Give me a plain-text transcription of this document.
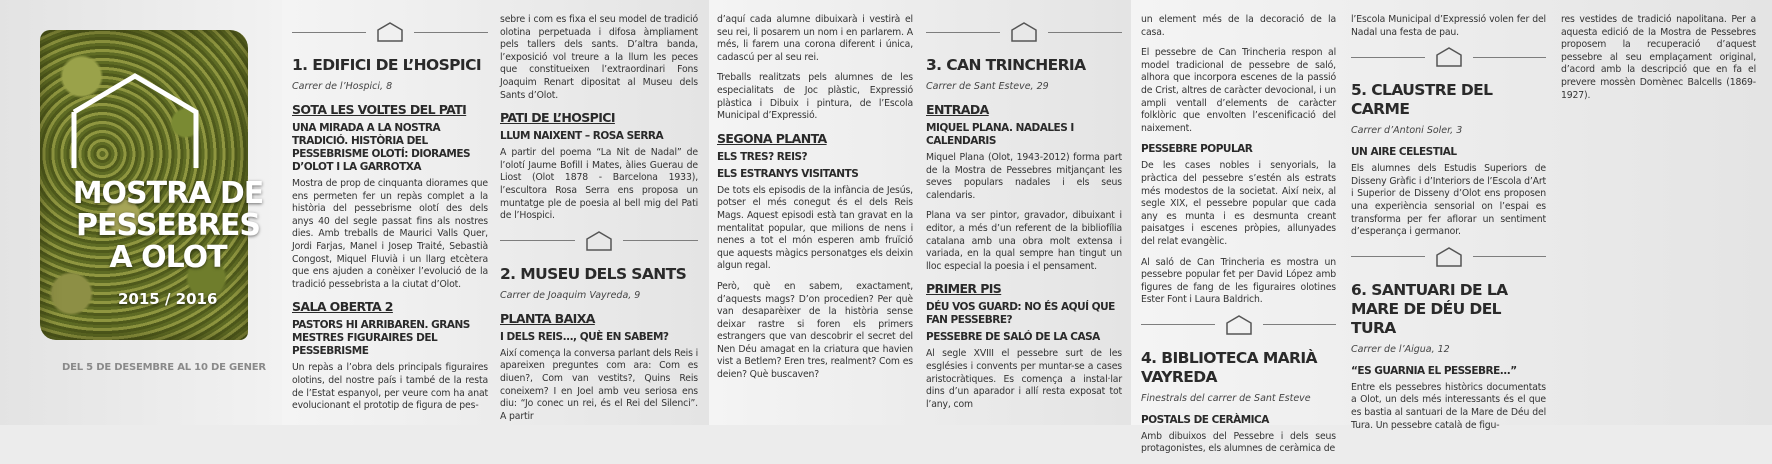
MOSTRA DE
PESSEBRES
A OLOT
2015 / 2016
DEL 5 DE DESEMBRE AL 10 DE GENER
1. EDIFICI DE L’HOSPICI

Carrer de l’Hospici, 8

SOTA LES VOLTES DEL PATI
UNA MIRADA A LA NOSTRA TRADICIÓ. HISTÒRIA DEL PESSEBRISME OLOTÍ: DIORAMES D’OLOT I LA GARROTXA

Mostra de prop de cinquanta diorames que ens permeten fer un repàs complet a la història del pessebrisme olotí des dels anys 40 del segle passat fins als nostres dies. Amb treballs de Maurici Valls Quer, Jordi Farjas, Manel i Josep Traité, Sebastià Congost, Miquel Fluvià i un llarg etcètera que ens ajuden a conèixer l’evolució de la tradició pessebrista a la ciutat d’Olot.

SALA OBERTA 2
PASTORS HI ARRIBAREN. GRANS MESTRES FIGURAIRES DEL PESSEBRISME

Un repàs a l’obra dels principals figuraires olotins, del nostre país i també de la resta de l’Estat espanyol, per veure com ha anat evolucionant el prototip de figura de pes-

sebre i com es fixa el seu model de tradició olotina perpetuada i difosa àmpliament pels tallers dels sants. D’altra banda, l’exposició vol treure a la llum les peces que constitueixen l’extraordinari Fons Joaquim Renart dipositat al Museu dels Sants d’Olot.

PATI DE L’HOSPICI
LLUM NAIXENT – ROSA SERRA

A partir del poema “La Nit de Nadal” de l’olotí Jaume Bofill i Mates, àlies Guerau de Liost (Olot 1878 - Barcelona 1933), l’escultora Rosa Serra ens proposa un muntatge ple de poesia al bell mig del Pati de l’Hospici.

2. MUSEU DELS SANTS

Carrer de Joaquim Vayreda, 9

PLANTA BAIXA
I DELS REIS..., QUÈ EN SABEM?

Així comença la conversa parlant dels Reis i apareixen preguntes com ara: Com es diuen?, Com van vestits?, Quins Reis coneixem? I en Joel amb veu seriosa ens diu: “Jo conec un rei, és el Rei del Silenci”. A partir

d’aquí cada alumne dibuixarà i vestirà el seu rei, li posarem un nom i en parlarem. A més, li farem una corona diferent i única, cadascú per al seu rei.

Treballs realitzats pels alumnes de les especialitats de Joc plàstic, Expressió plàstica i Dibuix i pintura, de l’Escola Municipal d’Expressió.

SEGONA PLANTA
ELS TRES? REIS?
ELS ESTRANYS VISITANTS

De tots els episodis de la infància de Jesús, potser el més conegut és el dels Reis Mags. Aquest episodi està tan gravat en la mentalitat popular, que milions de nens i nenes a tot el món esperen amb fruïció que aquests màgics personatges els deixin algun regal.

Però, què en sabem, exactament, d’aquests mags? D’on procedien? Per què van desaparèixer de la història sense deixar rastre si foren els primers estrangers que van descobrir el secret del Nen Déu amagat en la criatura que havien vist a Betlem? Eren tres, realment? Com es deien? Què buscaven?

3. CAN TRINCHERIA

Carrer de Sant Esteve, 29

ENTRADA
MIQUEL PLANA. NADALES I CALENDARIS

Miquel Plana (Olot, 1943-2012) forma part de la Mostra de Pessebres mitjançant les seves populars nadales i els seus calendaris.

Plana va ser pintor, gravador, dibuixant i editor, a més d’un referent de la bibliofília catalana amb una obra molt extensa i variada, en la qual sempre han tingut un lloc especial la poesia i el pensament.

PRIMER PIS
DÉU VOS GUARD: NO ÉS AQUÍ QUE FAN PESSEBRE?
PESSEBRE DE SALÓ DE LA CASA

Al segle XVIII el pessebre surt de les esglésies i convents per muntar-se a cases aristocràtiques. Es comença a instal·lar dins d’un aparador i allí resta exposat tot l’any, com

un element més de la decoració de la casa.

El pessebre de Can Trincheria respon al model tradicional de pessebre de saló, alhora que incorpora escenes de la passió de Crist, altres de caràcter devocional, i un ampli ventall d’elements de caràcter folklòric que envolten l’escenificació del naixement.

PESSEBRE POPULAR

De les cases nobles i senyorials, la pràctica del pessebre s’estén als estrats més modestos de la societat. Així neix, al segle XIX, el pessebre popular que cada any es munta i es desmunta creant paisatges i escenes pròpies, allunyades del relat evangèlic.

Al saló de Can Trincheria es mostra un pessebre popular fet per David López amb figures de fang de les figuraires olotines Ester Font i Laura Baldrich.

4. BIBLIOTECA MARIÀ VAYREDA

Finestrals del carrer de Sant Esteve

POSTALS DE CERÀMICA

Amb dibuixos del Pessebre i dels seus protagonistes, els alumnes de ceràmica de

l’Escola Municipal d’Expressió volen fer del Nadal una festa de pau.

5. CLAUSTRE DEL CARME

Carrer d’Antoni Soler, 3

UN AIRE CELESTIAL

Els alumnes dels Estudis Superiors de Disseny Gràfic i d’Interiors de l’Escola d’Art i Superior de Disseny d’Olot ens proposen una experiència sensorial on l’espai es transforma per fer aflorar un sentiment d’esperança i germanor.

6. SANTUARI DE LA MARE DE DÉU DEL TURA

Carrer de l’Aigua, 12

“ES GUARNIA EL PESSEBRE...”

Entre els pessebres històrics documentats a Olot, un dels més interessants és el que es bastia al santuari de la Mare de Déu del Tura. Un pessebre català de figu-

res vestides de tradició napolitana. Per a aquesta edició de la Mostra de Pessebres proposem la recuperació d’aquest pessebre al seu emplaçament original, d’acord amb la descripció que en fa el prevere mossèn Domènec Balcells (1869-1927).
